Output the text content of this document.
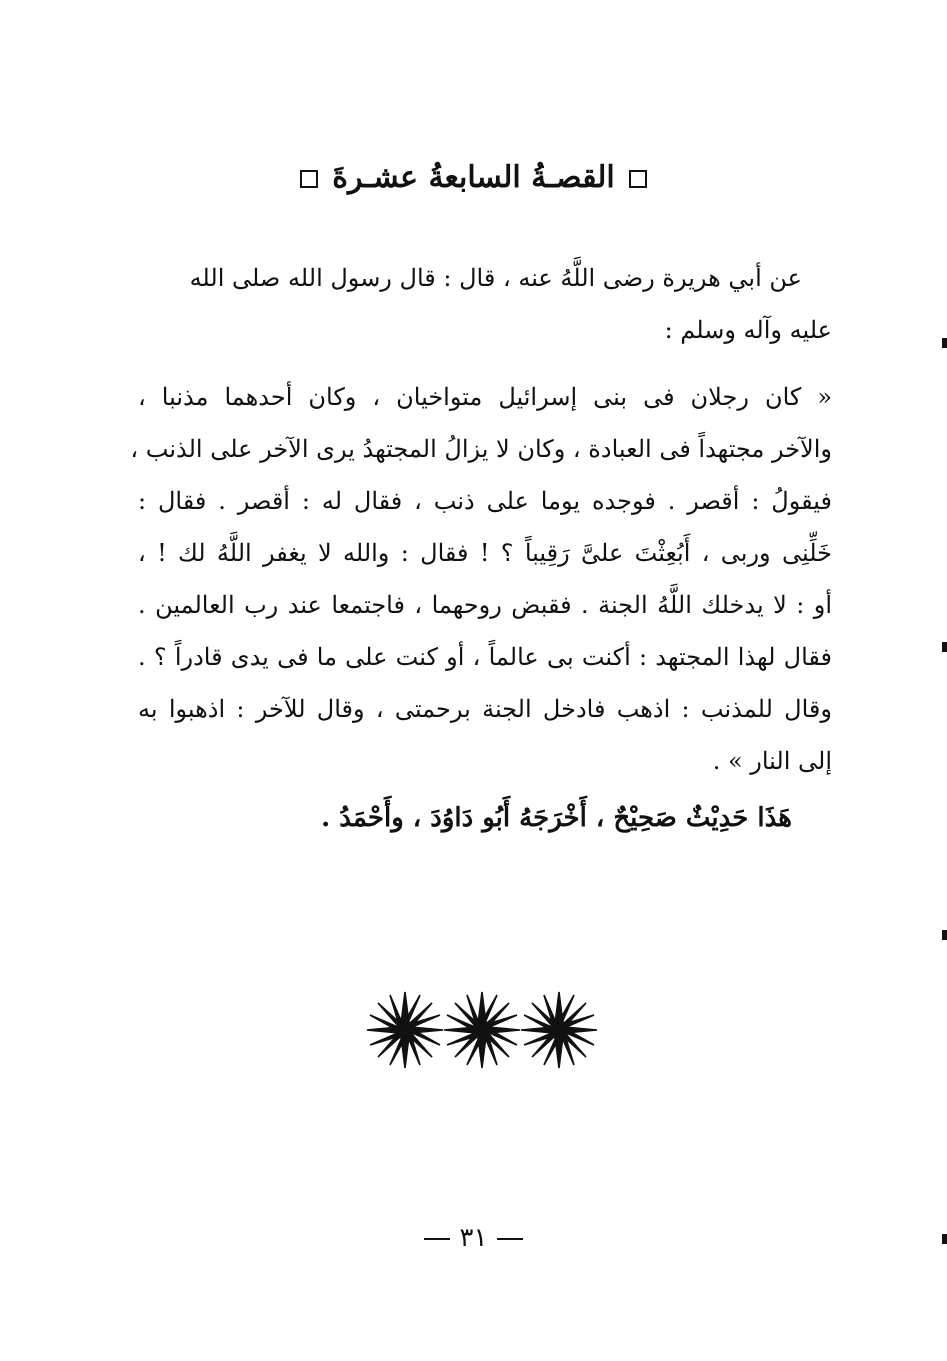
القصـةُ السابعةُ عشـرةَ
عن أبي هريرة رضى اللَّهُ عنه ، قال : قال رسول الله صلى الله
عليه وآله وسلم :
« كان رجلان فى بنى إسرائيل متواخيان ، وكان أحدهما مذنبا ،
والآخر مجتهداً فى العبادة ، وكان لا يزالُ المجتهدُ يرى الآخر على الذنب ،
فيقولُ : أقصر . فوجده يوما على ذنب ، فقال له : أقصر . فقال :
خَلِّنِى وربى ، أَبُعِثْتَ علىَّ رَقِيباً ؟ ! فقال : والله لا يغفر اللَّهُ لك ! ،
أو : لا يدخلك اللَّهُ الجنة . فقبض روحهما ، فاجتمعا عند رب العالمين .
فقال لهذا المجتهد : أكنت بى عالماً ، أو كنت على ما فى يدى قادراً ؟ .
وقال للمذنب : اذهب فادخل الجنة برحمتى ، وقال للآخر : اذهبوا به
إلى النار » .
هَذَا حَدِيْثٌ صَحِيْحٌ ، أَخْرَجَهُ أَبُو دَاوُدَ ، وأَحْمَدُ .
٣١
